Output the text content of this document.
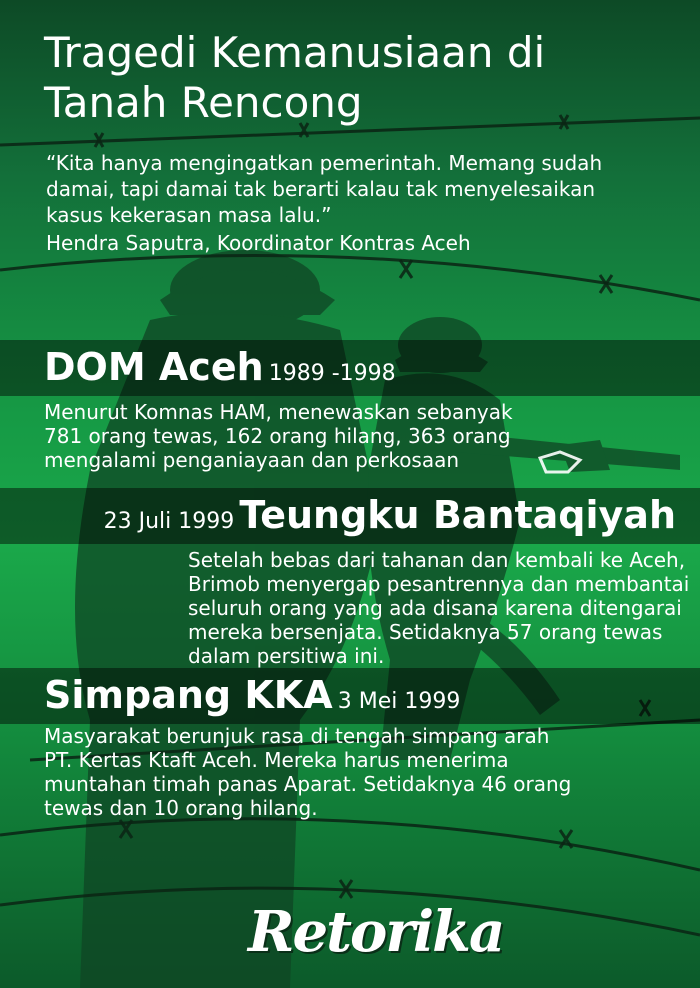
Tragedi Kemanusiaan di
Tanah Rencong
“Kita hanya mengingatkan pemerintah. Memang sudah
damai, tapi damai tak berarti kalau tak menyelesaikan
kasus kekerasan masa lalu.”
Hendra Saputra, Koordinator Kontras Aceh
DOM Aceh 1989 -1998
Menurut Komnas HAM, menewaskan sebanyak
781 orang tewas, 162 orang hilang, 363 orang
mengalami penganiayaan dan perkosaan
23 Juli 1999 Teungku Bantaqiyah
Setelah bebas dari tahanan dan kembali ke Aceh,
Brimob menyergap pesantrennya dan membantai
seluruh orang yang ada disana karena ditengarai
mereka bersenjata. Setidaknya 57 orang tewas
dalam persitiwa ini.
Simpang KKA 3 Mei 1999
Masyarakat berunjuk rasa di tengah simpang arah
PT. Kertas Ktaft Aceh. Mereka harus menerima
muntahan timah panas Aparat. Setidaknya 46 orang
tewas dan 10 orang hilang.
Retorika
